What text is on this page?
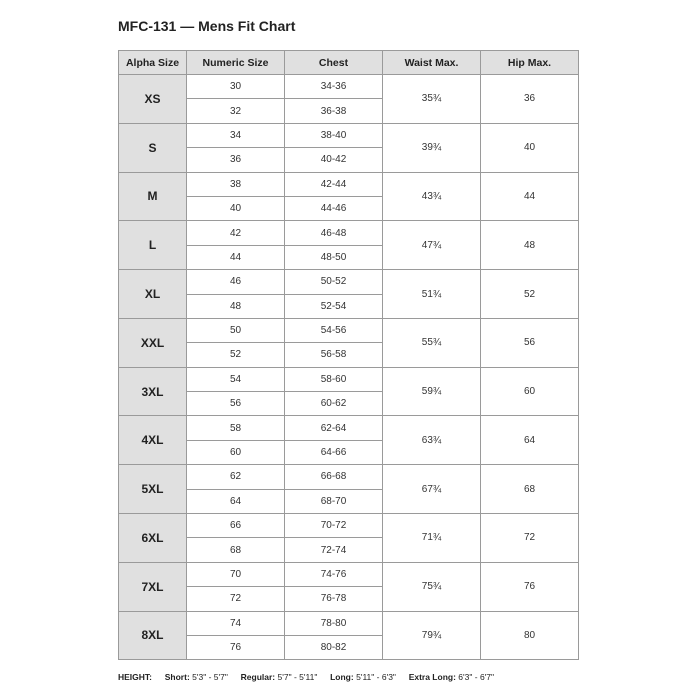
MFC-131 — Mens Fit Chart
Alpha Size	Numeric Size	Chest	Waist Max.	Hip Max.
XS	30	34-36	35¾	36
	32	36-38		
S	34	38-40	39¾	40
	36	40-42		
M	38	42-44	43¾	44
	40	44-46		
L	42	46-48	47¾	48
	44	48-50		
XL	46	50-52	51¾	52
	48	52-54		
XXL	50	54-56	55¾	56
	52	56-58		
3XL	54	58-60	59¾	60
	56	60-62		
4XL	58	62-64	63¾	64
	60	64-66		
5XL	62	66-68	67¾	68
	64	68-70		
6XL	66	70-72	71¾	72
	68	72-74		
7XL	70	74-76	75¾	76
	72	76-78		
8XL	74	78-80	79¾	80
	76	80-82		
HEIGHT: Short: 5'3" - 5'7" Regular: 5'7" - 5'11" Long: 5'11" - 6'3" Extra Long: 6'3" - 6'7"
